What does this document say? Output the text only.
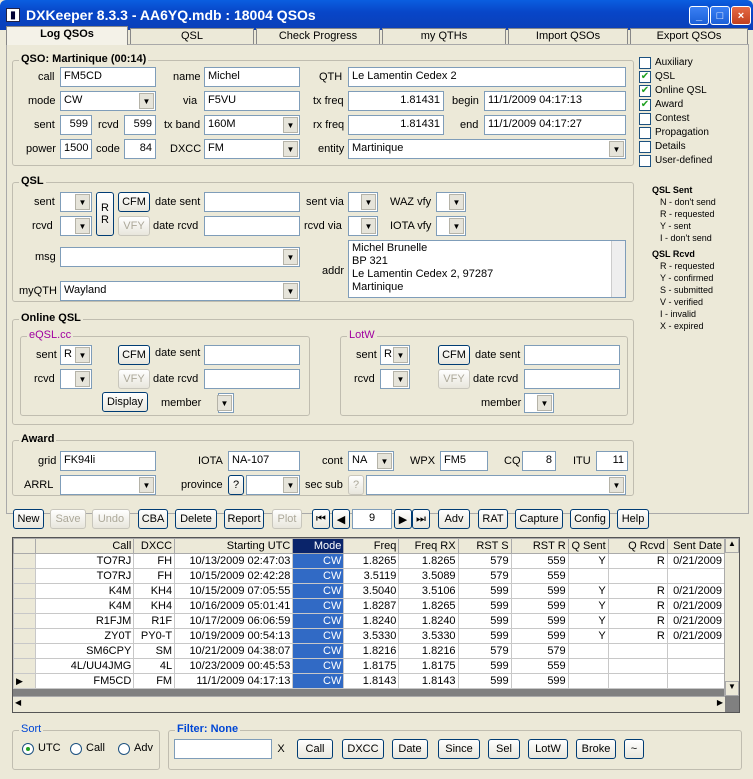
▮ DXKeeper 8.3.3 - AA6YQ.mdb : 18004 QSOs	_	□	×
Log QSOs	QSL	Check Progress	my QTHs	Import QSOs	Export QSOs
QSO: Martinique (00:14)
call FM5CD	name Michel	QTH Le Lamentin Cedex 2
mode CW	▼	via F5VU	tx freq	1.81431	begin 11/1/2009 04:17:13
sent	599 rcvd	599	tx band 160M	▼	rx freq	1.81431	end 11/1/2009 04:17:27
power 1500 code	84	DXCC FM	▼	entity Martinique	▼
Auxiliary
✔ QSL
✔ Online QSL
✔ Award
Contest
Propagation
Details
User-defined
QSL
sent	▼
rcvd	▼
R
R
CFM
VFY
date sent
date rcvd
sent via	▼
rcvd via	▼
WAZ vfy	▼
IOTA vfy	▼
msg	▼
myQTH Wayland	▼
addr
Michel Brunelle
BP 321
Le Lamentin Cedex 2, 97287
Martinique
QSL Sent
N - don't send
R - requested
Y - sent
I - don't send
QSL Rcvd
R - requested
Y - confirmed
S - submitted
V - verified
I - invalid
X - expired
Online QSL
eQSL.cc
sent R ▼
rcvd	▼
CFM
VFY
date sent
date rcvd
Display	member	▼
LotW
sent R ▼
rcvd	▼
CFM
VFY
date sent
date rcvd
member	▼
Award
grid FK94li	IOTA NA-107	cont NA	▼	WPX FM5	CQ	8	ITU	11
ARRL	▼	province ?	▼ sec sub ?	▼
New	Save	Undo	CBA	Delete	Report	Plot	⏮ ◀	9	▶ ⏭	Adv	RAT	Capture	Config	Help
	Call	DXCC	Starting UTC	Mode	Freq	Freq RX	RST S	RST R	Q Sent	Q Rcvd	Sent Date
	TO7RJ	FH	10/13/2009 02:47:03	CW	1.8265	1.8265	579	559	Y	R	0/21/2009
	TO7RJ	FH	10/15/2009 02:42:28	CW	3.5119	3.5089	579	559			
	K4M	KH4	10/15/2009 07:05:55	CW	3.5040	3.5106	599	599	Y	R	0/21/2009
	K4M	KH4	10/16/2009 05:01:41	CW	1.8287	1.8265	599	599	Y	R	0/21/2009
	R1FJM	R1F	10/17/2009 06:06:59	CW	1.8240	1.8240	599	599	Y	R	0/21/2009
	ZY0T	PY0-T	10/19/2009 00:54:13	CW	3.5330	3.5330	599	599	Y	R	0/21/2009
	SM6CPY	SM	10/21/2009 04:38:07	CW	1.8216	1.8216	579	579			
	4L/UU4JMG	4L	10/23/2009 00:45:53	CW	1.8175	1.8175	599	559			
▶	FM5CD	FM	11/1/2009 04:17:13	CW	1.8143	1.8143	599	599			
▲
▼
◀	▶
Sort
UTC Call	Adv
Filter: None
X	Call	DXCC	Date	Since	Sel	LotW	Broke	~
